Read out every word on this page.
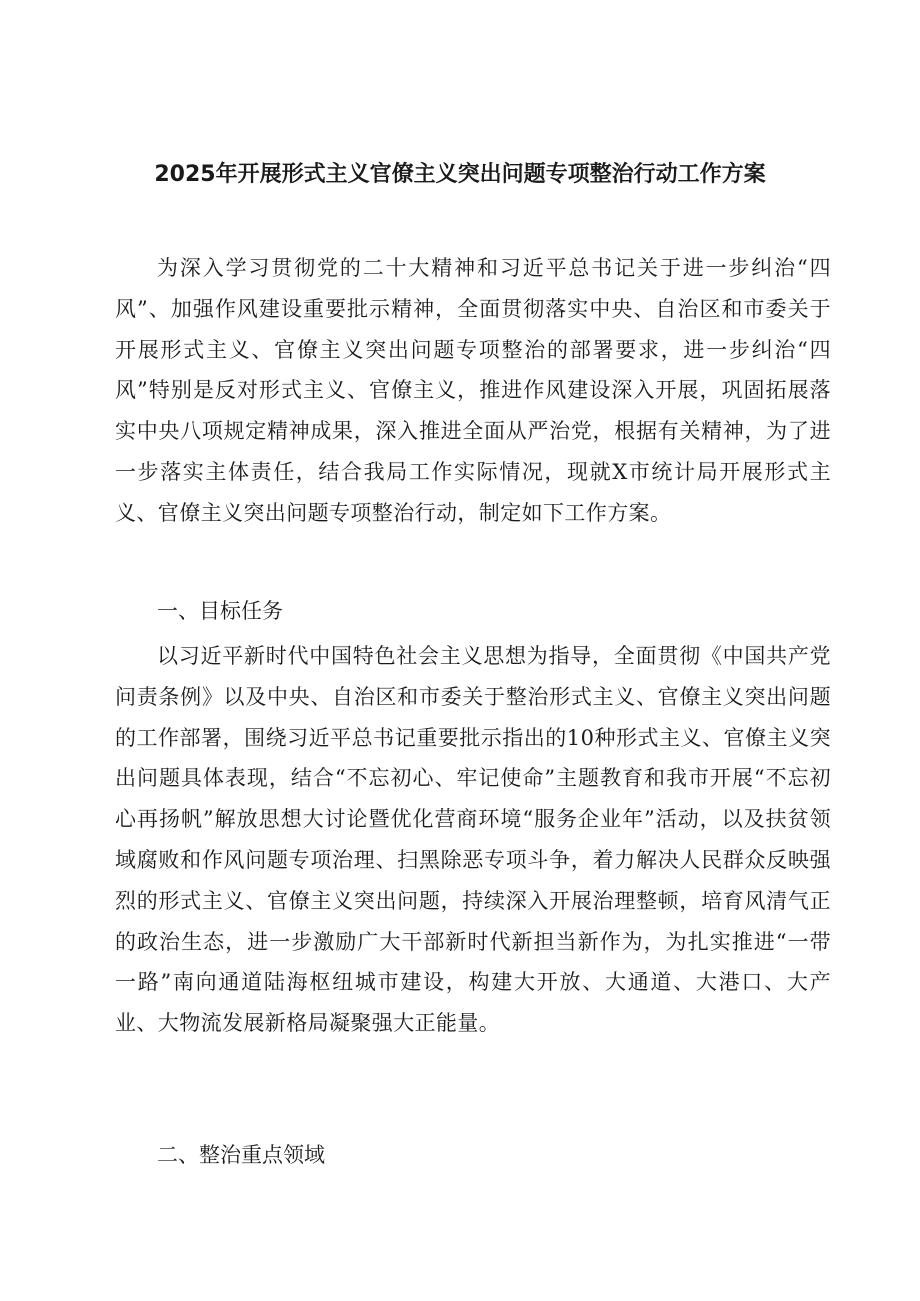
2025年开展形式主义官僚主义突出问题专项整治行动工作方案

为深入学习贯彻党的二十大精神和习近平总书记关于进一步纠治“四风”、加强作风建设重要批示精神，全面贯彻落实中央、自治区和市委关于开展形式主义、官僚主义突出问题专项整治的部署要求，进一步纠治“四风”特别是反对形式主义、官僚主义，推进作风建设深入开展，巩固拓展落实中央八项规定精神成果，深入推进全面从严治党，根据有关精神，为了进一步落实主体责任，结合我局工作实际情况，现就X市统计局开展形式主义、官僚主义突出问题专项整治行动，制定如下工作方案。

一、目标任务

以习近平新时代中国特色社会主义思想为指导，全面贯彻《中国共产党问责条例》以及中央、自治区和市委关于整治形式主义、官僚主义突出问题的工作部署，围绕习近平总书记重要批示指出的10种形式主义、官僚主义突出问题具体表现，结合“不忘初心、牢记使命”主题教育和我市开展“不忘初心再扬帆”解放思想大讨论暨优化营商环境“服务企业年”活动，以及扶贫领域腐败和作风问题专项治理、扫黑除恶专项斗争，着力解决人民群众反映强烈的形式主义、官僚主义突出问题，持续深入开展治理整顿，培育风清气正的政治生态，进一步激励广大干部新时代新担当新作为，为扎实推进“一带一路”南向通道陆海枢纽城市建设，构建大开放、大通道、大港口、大产业、大物流发展新格局凝聚强大正能量。

二、整治重点领域
